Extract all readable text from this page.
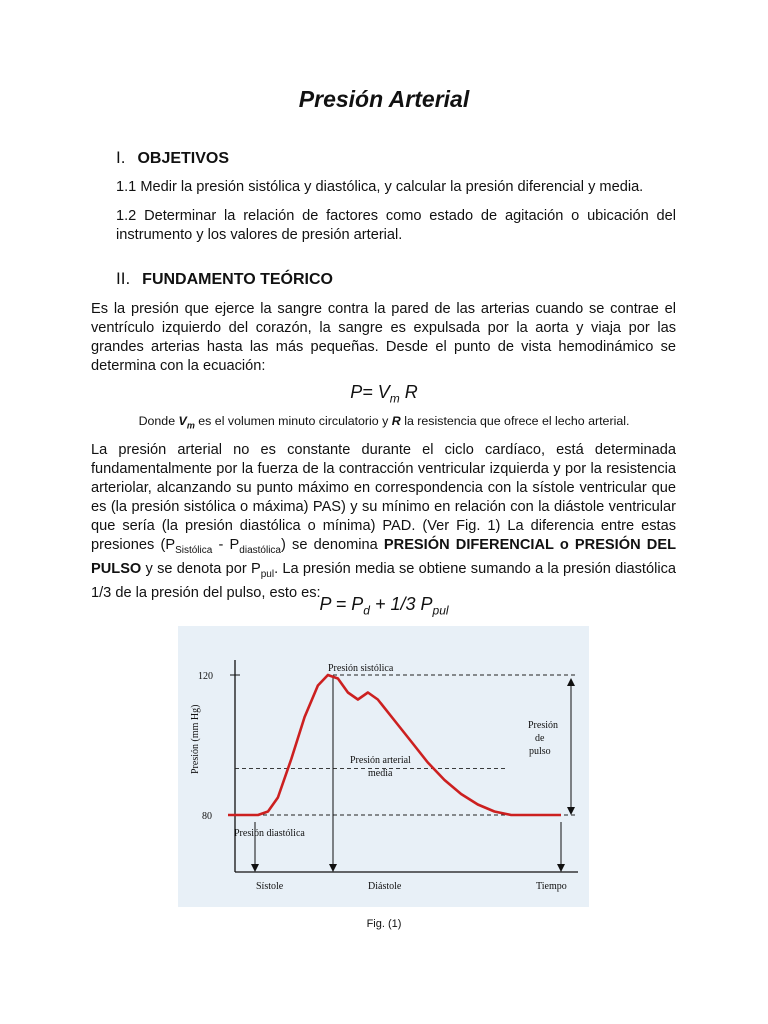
Presión Arterial
I. OBJETIVOS
1.1 Medir la presión sistólica y diastólica, y calcular la presión diferencial y media.
1.2 Determinar la relación de factores como estado de agitación o ubicación del instrumento y los valores de presión arterial.
II. FUNDAMENTO TEÓRICO
Es la presión que ejerce la sangre contra la pared de las arterias cuando se contrae el ventrículo izquierdo del corazón, la sangre es expulsada por la aorta y viaja por las grandes arterias hasta las más pequeñas. Desde el punto de vista hemodinámico se determina con la ecuación:
$P= V_m$ R
Donde $V_m$ es el volumen minuto circulatorio y R la resistencia que ofrece el lecho arterial.
La presión arterial no es constante durante el ciclo cardíaco, está determinada fundamentalmente por la fuerza de la contracción ventricular izquierda y por la resistencia arteriolar, alcanzando su punto máximo en correspondencia con la sístole ventricular que es (la presión sistólica o máxima) PAS) y su mínimo en relación con la diástole ventricular que sería (la presión diastólica o mínima) PAD. (Ver Fig. 1) La diferencia entre estas presiones $(P_{Sistólica} - P_{diastólica})$ se denomina PRESIÓN DIFERENCIAL o PRESIÓN DEL PULSO y se denota por $P_{pul}$. La presión media se obtiene sumando a la presión diastólica 1/3 de la presión del pulso, esto es:
$P = P_d + 1/3$ $P_{pul}$
120
80
Presión (mm Hg)
Sístole	Diástole	Tiempo
Presión sistólica
Presión arterial
media
Presión diastólica
Presión
de
pulso
Fig. (1)
